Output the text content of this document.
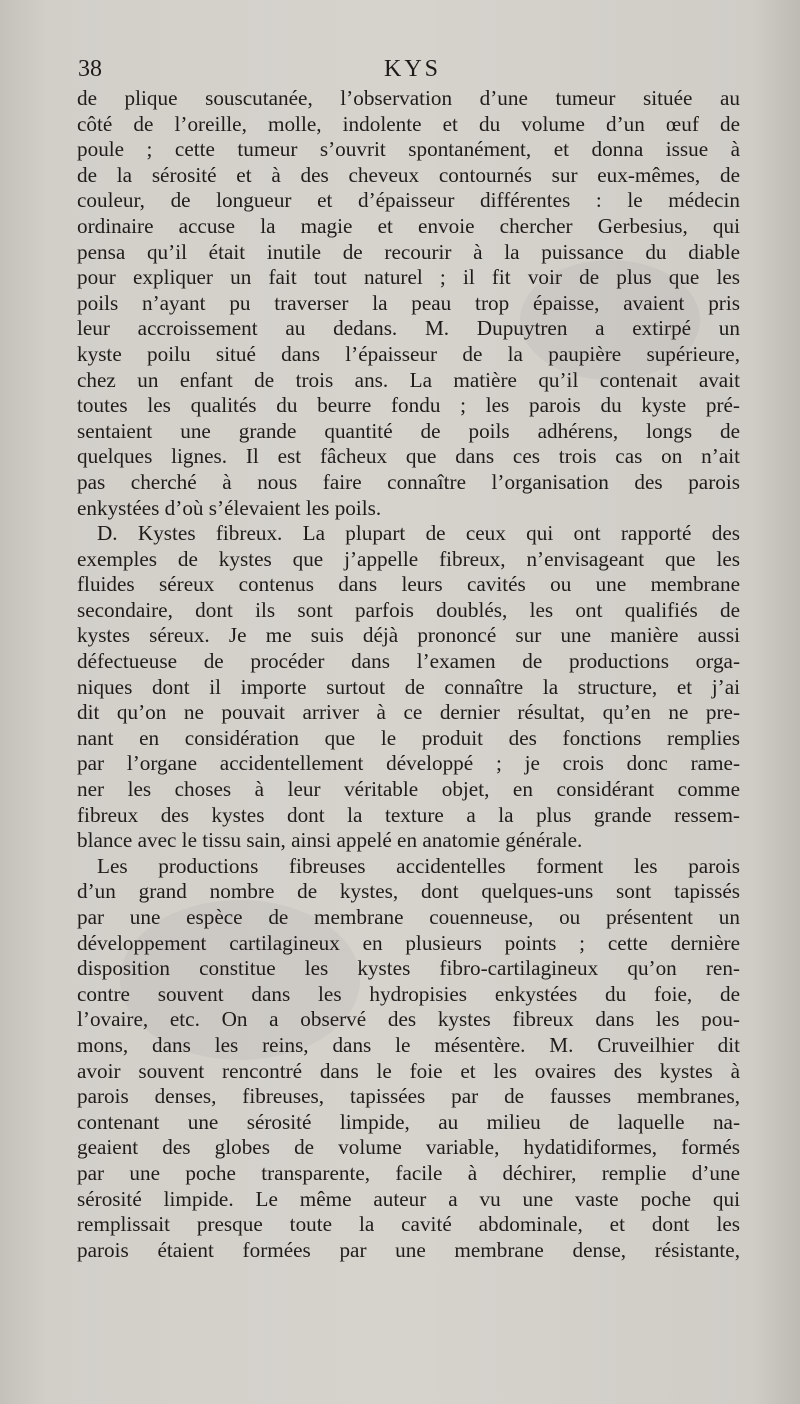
38	KYS
de plique souscutanée, l’observation d’une tumeur située au
côté de l’oreille, molle, indolente et du volume d’un œuf de
poule ; cette tumeur s’ouvrit spontanément, et donna issue à
de la sérosité et à des cheveux contournés sur eux-mêmes, de
couleur, de longueur et d’épaisseur différentes : le médecin
ordinaire accuse la magie et envoie chercher Gerbesius, qui
pensa qu’il était inutile de recourir à la puissance du diable
pour expliquer un fait tout naturel ; il fit voir de plus que les
poils n’ayant pu traverser la peau trop épaisse, avaient pris
leur accroissement au dedans. M. Dupuytren a extirpé un
kyste poilu situé dans l’épaisseur de la paupière supérieure,
chez un enfant de trois ans. La matière qu’il contenait avait
toutes les qualités du beurre fondu ; les parois du kyste pré-
sentaient une grande quantité de poils adhérens, longs de
quelques lignes. Il est fâcheux que dans ces trois cas on n’ait
pas cherché à nous faire connaître l’organisation des parois
enkystées d’où s’élevaient les poils.
D. Kystes fibreux. La plupart de ceux qui ont rapporté des
exemples de kystes que j’appelle fibreux, n’envisageant que les
fluides séreux contenus dans leurs cavités ou une membrane
secondaire, dont ils sont parfois doublés, les ont qualifiés de
kystes séreux. Je me suis déjà prononcé sur une manière aussi
défectueuse de procéder dans l’examen de productions orga-
niques dont il importe surtout de connaître la structure, et j’ai
dit qu’on ne pouvait arriver à ce dernier résultat, qu’en ne pre-
nant en considération que le produit des fonctions remplies
par l’organe accidentellement développé ; je crois donc rame-
ner les choses à leur véritable objet, en considérant comme
fibreux des kystes dont la texture a la plus grande ressem-
blance avec le tissu sain, ainsi appelé en anatomie générale.
Les productions fibreuses accidentelles forment les parois
d’un grand nombre de kystes, dont quelques-uns sont tapissés
par une espèce de membrane couenneuse, ou présentent un
développement cartilagineux en plusieurs points ; cette dernière
disposition constitue les kystes fibro-cartilagineux qu’on ren-
contre souvent dans les hydropisies enkystées du foie, de
l’ovaire, etc. On a observé des kystes fibreux dans les pou-
mons, dans les reins, dans le mésentère. M. Cruveilhier dit
avoir souvent rencontré dans le foie et les ovaires des kystes à
parois denses, fibreuses, tapissées par de fausses membranes,
contenant une sérosité limpide, au milieu de laquelle na-
geaient des globes de volume variable, hydatidiformes, formés
par une poche transparente, facile à déchirer, remplie d’une
sérosité limpide. Le même auteur a vu une vaste poche qui
remplissait presque toute la cavité abdominale, et dont les
parois étaient formées par une membrane dense, résistante,
